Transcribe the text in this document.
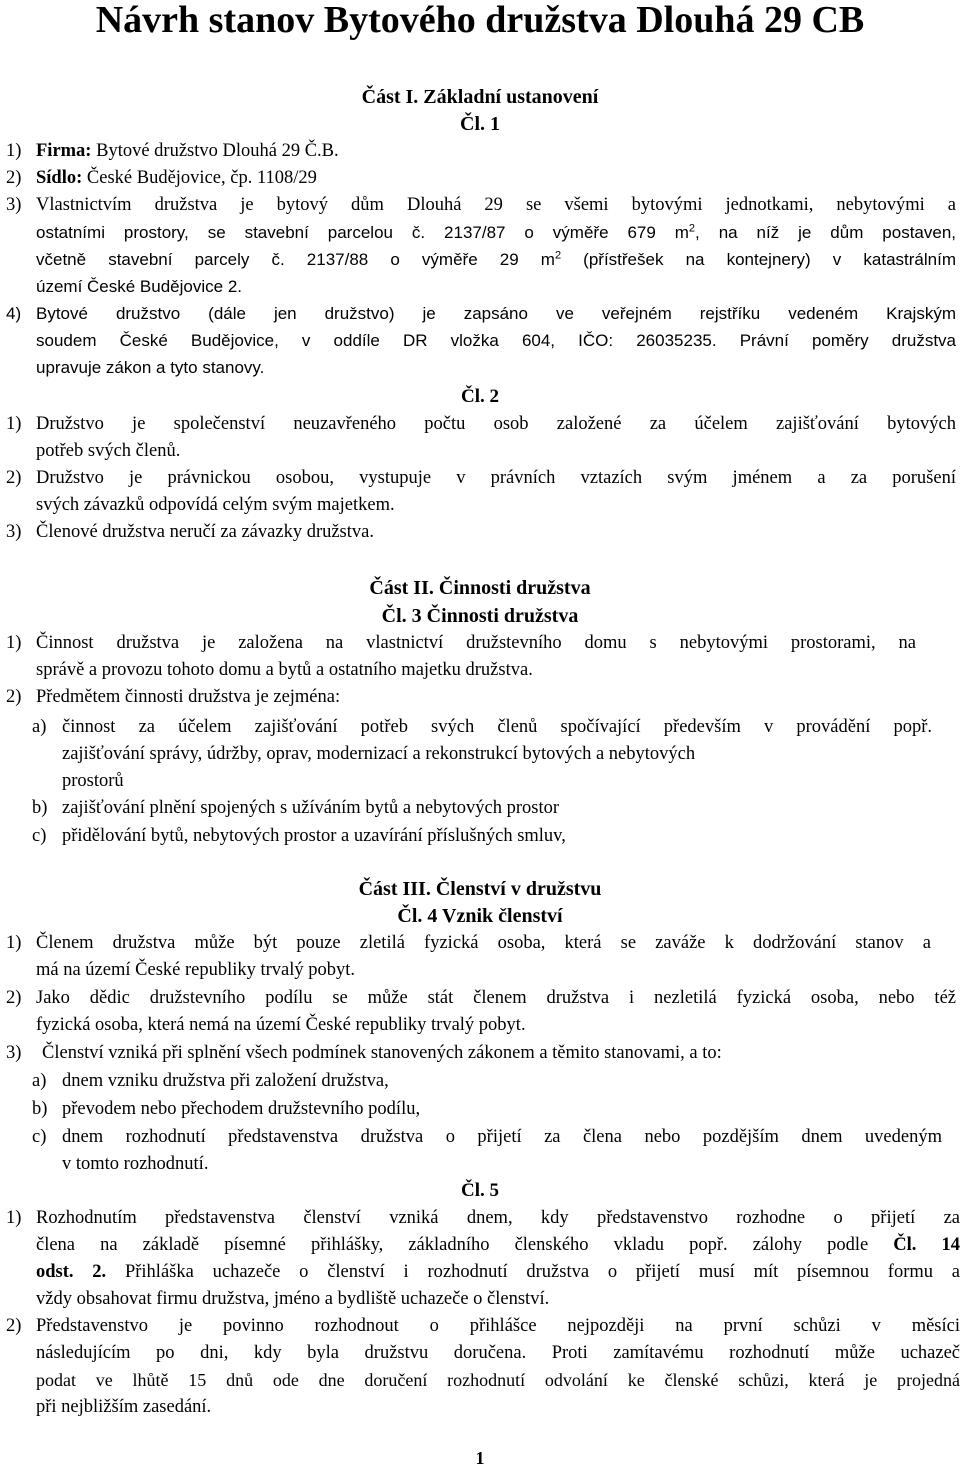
Návrh stanov Bytového družstva Dlouhá 29 CB
Část I. Základní ustanovení
Čl. 1
1) Firma: Bytové družstvo Dlouhá 29 Č.B.
2) Sídlo: České Budějovice, čp. 1108/29
3) Vlastnictvím družstva je bytový dům Dlouhá 29 se všemi bytovými jednotkami, nebytovými a
ostatními prostory, se stavební parcelou č. 2137/87 o výměře 679 $m^2$, na níž je dům postaven,
včetně stavební parcely č. 2137/88 o výměře 29 $m^2$ (přístřešek na kontejnery) v katastrálním
území České Budějovice 2.
4) Bytové družstvo (dále jen družstvo) je zapsáno ve veřejném rejstříku vedeném Krajským
soudem České Budějovice, v oddíle DR vložka 604, IČO: 26035235. Právní poměry družstva
upravuje zákon a tyto stanovy.
Čl. 2
1) Družstvo je společenství neuzavřeného počtu osob založené za účelem zajišťování bytových
potřeb svých členů.
2) Družstvo je právnickou osobou, vystupuje v právních vztazích svým jménem a za porušení
svých závazků odpovídá celým svým majetkem.
3) Členové družstva neručí za závazky družstva.
Část II. Činnosti družstva
Čl. 3 Činnosti družstva
1) Činnost družstva je založena na vlastnictví družstevního domu s nebytovými prostorami, na
správě a provozu tohoto domu a bytů a ostatního majetku družstva.
2) Předmětem činnosti družstva je zejména:
a) činnost za účelem zajišťování potřeb svých členů spočívající především v provádění popř.
zajišťování správy, údržby, oprav, modernizací a rekonstrukcí bytových a nebytových
prostorů
b) zajišťování plnění spojených s užíváním bytů a nebytových prostor
c) přidělování bytů, nebytových prostor a uzavírání příslušných smluv,
Část III. Členství v družstvu
Čl. 4 Vznik členství
1) Členem družstva může být pouze zletilá fyzická osoba, která se zaváže k dodržování stanov a
má na území České republiky trvalý pobyt.
2) Jako dědic družstevního podílu se může stát členem družstva i nezletilá fyzická osoba, nebo též
fyzická osoba, která nemá na území České republiky trvalý pobyt.
3) Členství vzniká při splnění všech podmínek stanovených zákonem a těmito stanovami, a to:
a) dnem vzniku družstva při založení družstva,
b) převodem nebo přechodem družstevního podílu,
c) dnem rozhodnutí představenstva družstva o přijetí za člena nebo pozdějším dnem uvedeným
v tomto rozhodnutí.
Čl. 5
1) Rozhodnutím představenstva členství vzniká dnem, kdy představenstvo rozhodne o přijetí za
člena na základě písemné přihlášky, základního členského vkladu popř. zálohy podle Čl. 14
odst. 2. Přihláška uchazeče o členství i rozhodnutí družstva o přijetí musí mít písemnou formu a
vždy obsahovat firmu družstva, jméno a bydliště uchazeče o členství.
2) Představenstvo je povinno rozhodnout o přihlášce nejpozději na první schůzi v měsíci
následujícím po dni, kdy byla družstvu doručena. Proti zamítavému rozhodnutí může uchazeč
podat ve lhůtě 15 dnů ode dne doručení rozhodnutí odvolání ke členské schůzi, která je projedná
při nejbližším zasedání.
1
